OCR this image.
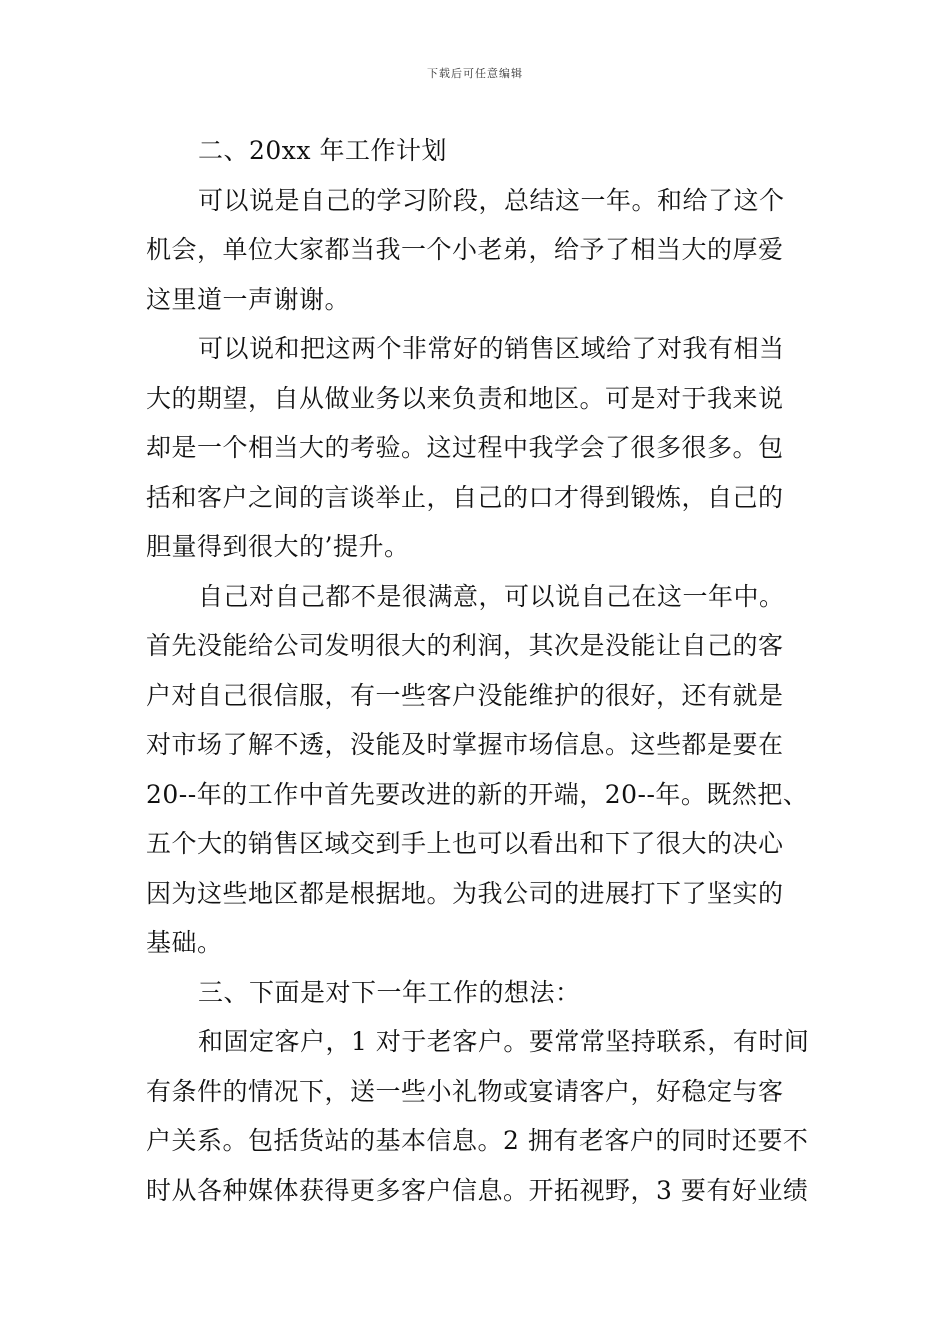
下载后可任意编辑
二、20xx 年工作计划
可以说是自己的学习阶段，总结这一年。和给了这个
机会，单位大家都当我一个小老弟，给予了相当大的厚爱
这里道一声谢谢。
可以说和把这两个非常好的销售区域给了对我有相当
大的期望，自从做业务以来负责和地区。可是对于我来说
却是一个相当大的考验。这过程中我学会了很多很多。包
括和客户之间的言谈举止，自己的口才得到锻炼，自己的
胆量得到很大的’提升。
自己对自己都不是很满意，可以说自己在这一年中。
首先没能给公司发明很大的利润，其次是没能让自己的客
户对自己很信服，有一些客户没能维护的很好，还有就是
对市场了解不透，没能及时掌握市场信息。这些都是要在
20--年的工作中首先要改进的新的开端，20--年。既然把、
五个大的销售区域交到手上也可以看出和下了很大的决心
因为这些地区都是根据地。为我公司的进展打下了坚实的
基础。
三、下面是对下一年工作的想法：
和固定客户，1 对于老客户。要常常坚持联系，有时间
有条件的情况下，送一些小礼物或宴请客户，好稳定与客
户关系。包括货站的基本信息。2 拥有老客户的同时还要不
时从各种媒体获得更多客户信息。开拓视野，3 要有好业绩
